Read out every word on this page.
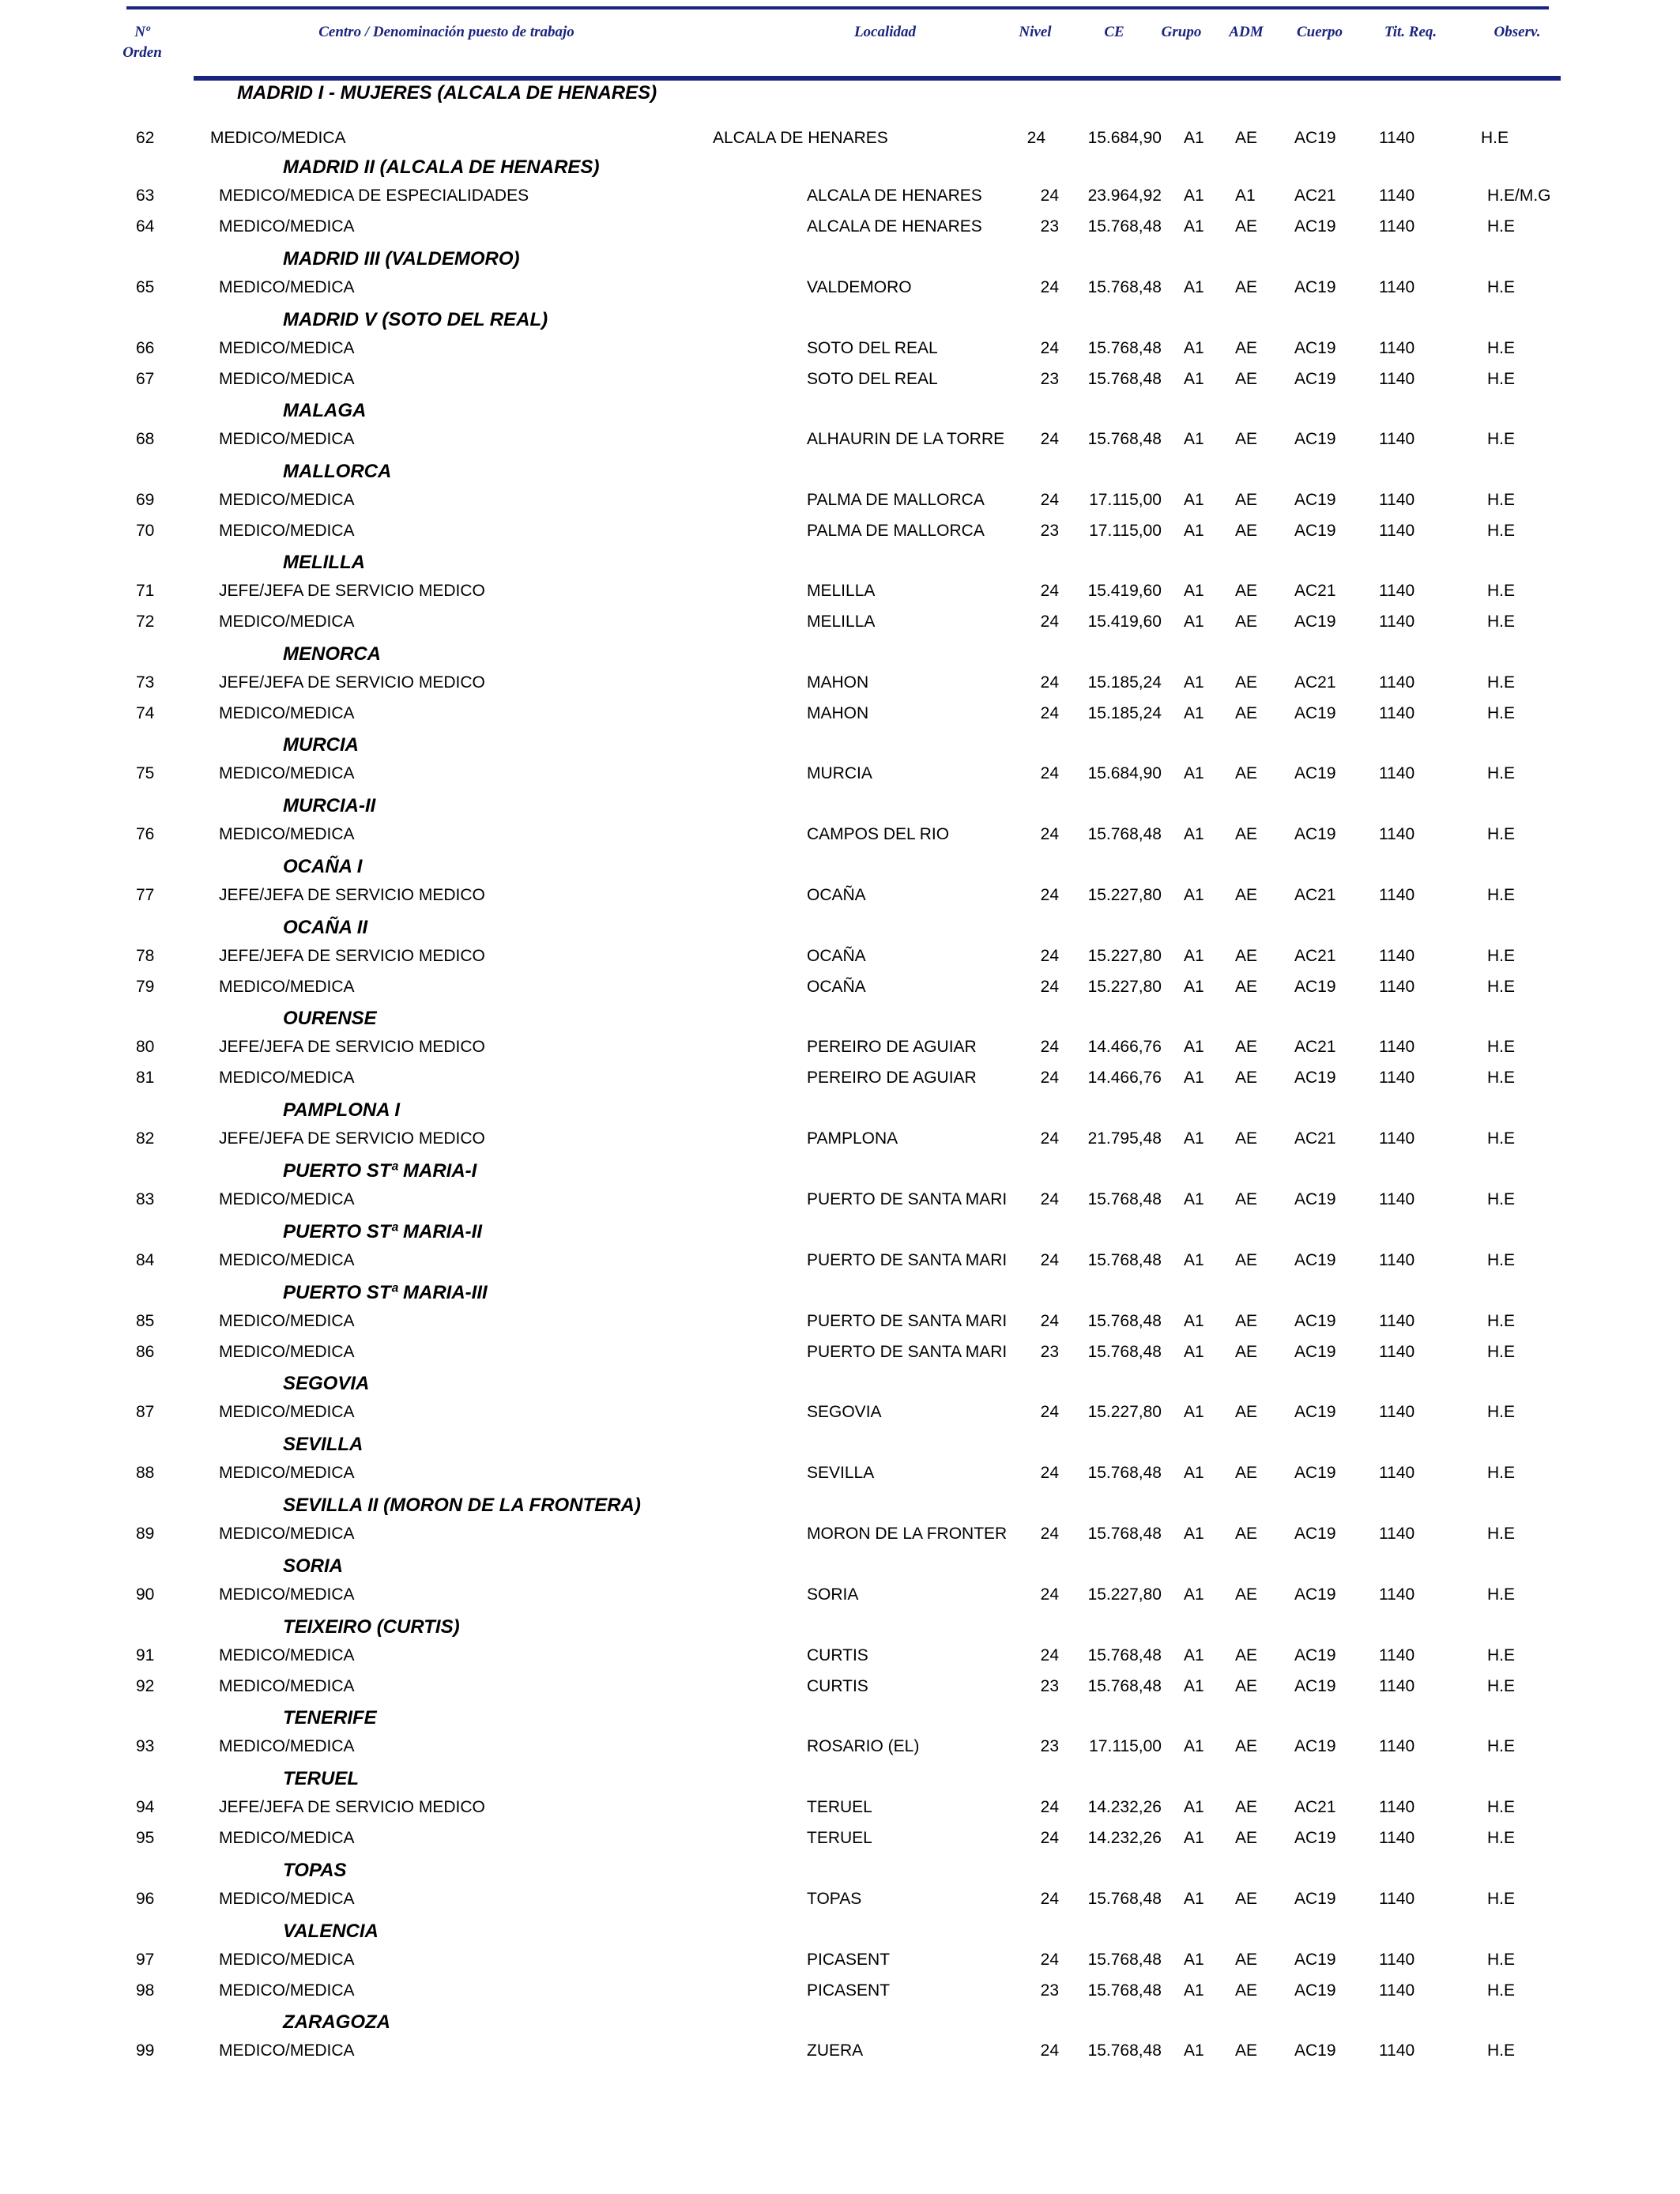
Nº
Orden
Centro / Denominación puesto de trabajo	Localidad	Nivel	CE	Grupo	ADM	Cuerpo	Tit. Req.	Observ.
MADRID I - MUJERES (ALCALA DE HENARES)
62	MEDICO/MEDICA	ALCALA DE HENARES	24	15.684,90 A1 AE AC19	1140	H.E
MADRID II (ALCALA DE HENARES)
63	MEDICO/MEDICA DE ESPECIALIDADES	ALCALA DE HENARES	24	23.964,92 A1 A1 AC21	1140	H.E/M.G
64	MEDICO/MEDICA	ALCALA DE HENARES	23	15.768,48 A1 AE AC19	1140	H.E
MADRID III (VALDEMORO)
65	MEDICO/MEDICA	VALDEMORO	24	15.768,48 A1 AE AC19	1140	H.E
MADRID V (SOTO DEL REAL)
66	MEDICO/MEDICA	SOTO DEL REAL	24	15.768,48 A1 AE AC19	1140	H.E
67	MEDICO/MEDICA	SOTO DEL REAL	23	15.768,48 A1 AE AC19	1140	H.E
MALAGA
68	MEDICO/MEDICA	ALHAURIN DE LA TORRE	24	15.768,48 A1 AE AC19	1140	H.E
MALLORCA
69	MEDICO/MEDICA	PALMA DE MALLORCA	24	17.115,00 A1 AE AC19	1140	H.E
70	MEDICO/MEDICA	PALMA DE MALLORCA	23	17.115,00 A1 AE AC19	1140	H.E
MELILLA
71	JEFE/JEFA DE SERVICIO MEDICO	MELILLA	24	15.419,60 A1 AE AC21	1140	H.E
72	MEDICO/MEDICA	MELILLA	24	15.419,60 A1 AE AC19	1140	H.E
MENORCA
73	JEFE/JEFA DE SERVICIO MEDICO	MAHON	24	15.185,24 A1 AE AC21	1140	H.E
74	MEDICO/MEDICA	MAHON	24	15.185,24 A1 AE AC19	1140	H.E
MURCIA
75	MEDICO/MEDICA	MURCIA	24	15.684,90 A1 AE AC19	1140	H.E
MURCIA-II
76	MEDICO/MEDICA	CAMPOS DEL RIO	24	15.768,48 A1 AE AC19	1140	H.E
OCAÑA I
77	JEFE/JEFA DE SERVICIO MEDICO	OCAÑA	24	15.227,80 A1 AE AC21	1140	H.E
OCAÑA II
78	JEFE/JEFA DE SERVICIO MEDICO	OCAÑA	24	15.227,80 A1 AE AC21	1140	H.E
79	MEDICO/MEDICA	OCAÑA	24	15.227,80 A1 AE AC19	1140	H.E
OURENSE
80	JEFE/JEFA DE SERVICIO MEDICO	PEREIRO DE AGUIAR	24	14.466,76 A1 AE AC21	1140	H.E
81	MEDICO/MEDICA	PEREIRO DE AGUIAR	24	14.466,76 A1 AE AC19	1140	H.E
PAMPLONA I
82	JEFE/JEFA DE SERVICIO MEDICO	PAMPLONA	24	21.795,48 A1 AE AC21	1140	H.E
PUERTO STª MARIA-I
83	MEDICO/MEDICA	PUERTO DE SANTA MARI	24	15.768,48 A1 AE AC19	1140	H.E
PUERTO STª MARIA-II
84	MEDICO/MEDICA	PUERTO DE SANTA MARI	24	15.768,48 A1 AE AC19	1140	H.E
PUERTO STª MARIA-III
85	MEDICO/MEDICA	PUERTO DE SANTA MARI	24	15.768,48 A1 AE AC19	1140	H.E
86	MEDICO/MEDICA	PUERTO DE SANTA MARI	23	15.768,48 A1 AE AC19	1140	H.E
SEGOVIA
87	MEDICO/MEDICA	SEGOVIA	24	15.227,80 A1 AE AC19	1140	H.E
SEVILLA
88	MEDICO/MEDICA	SEVILLA	24	15.768,48 A1 AE AC19	1140	H.E
SEVILLA II (MORON DE LA FRONTERA)
89	MEDICO/MEDICA	MORON DE LA FRONTER	24	15.768,48 A1 AE AC19	1140	H.E
SORIA
90	MEDICO/MEDICA	SORIA	24	15.227,80 A1 AE AC19	1140	H.E
TEIXEIRO (CURTIS)
91	MEDICO/MEDICA	CURTIS	24	15.768,48 A1 AE AC19	1140	H.E
92	MEDICO/MEDICA	CURTIS	23	15.768,48 A1 AE AC19	1140	H.E
TENERIFE
93	MEDICO/MEDICA	ROSARIO (EL)	23	17.115,00 A1 AE AC19	1140	H.E
TERUEL
94	JEFE/JEFA DE SERVICIO MEDICO	TERUEL	24	14.232,26 A1 AE AC21	1140	H.E
95	MEDICO/MEDICA	TERUEL	24	14.232,26 A1 AE AC19	1140	H.E
TOPAS
96	MEDICO/MEDICA	TOPAS	24	15.768,48 A1 AE AC19	1140	H.E
VALENCIA
97	MEDICO/MEDICA	PICASENT	24	15.768,48 A1 AE AC19	1140	H.E
98	MEDICO/MEDICA	PICASENT	23	15.768,48 A1 AE AC19	1140	H.E
ZARAGOZA
99	MEDICO/MEDICA	ZUERA	24	15.768,48 A1 AE AC19	1140	H.E
